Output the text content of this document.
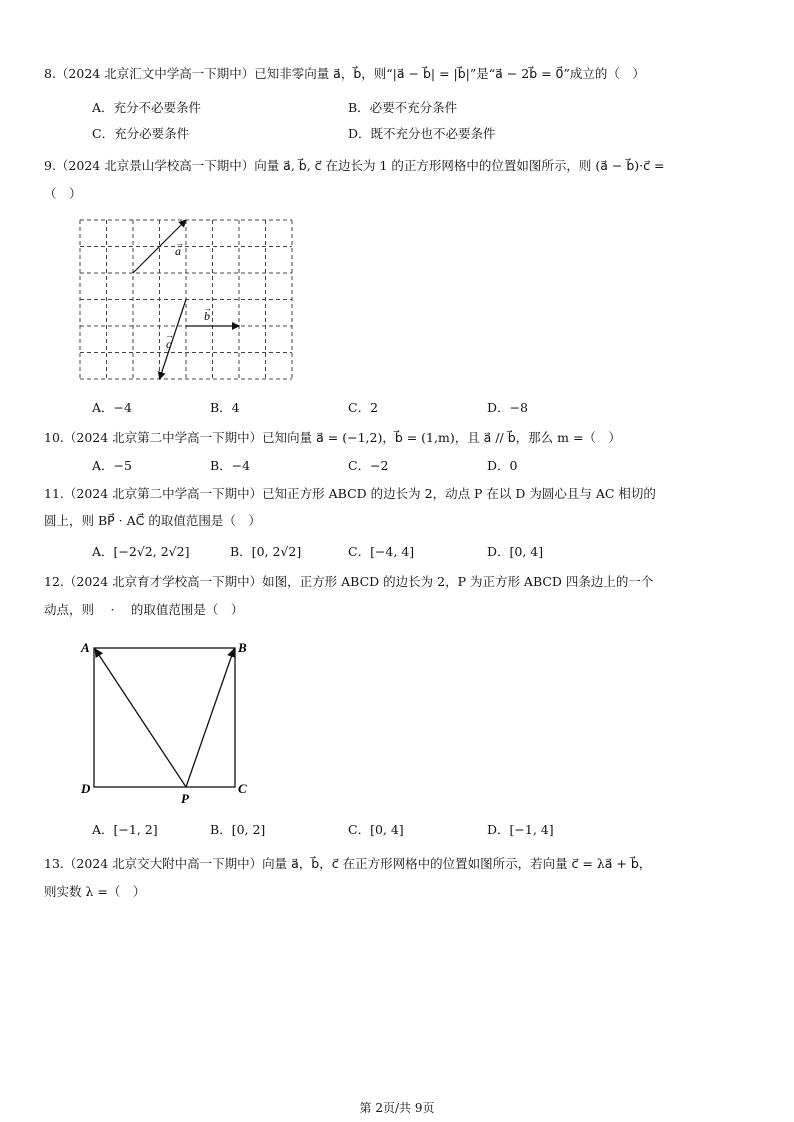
8.（2024 北京汇文中学高一下期中）已知非零向量 a⃗，b⃗，则“|a⃗ − b⃗| = |b⃗|”是“a⃗ − 2b⃗ = 0⃗”成立的（　）
A．充分不必要条件	B．必要不充分条件
C．充分必要条件	D．既不充分也不必要条件
9.（2024 北京景山学校高一下期中）向量 a⃗, b⃗, c⃗ 在边长为 1 的正方形网格中的位置如图所示，则 (a⃗ − b⃗)·c⃗ =
（　）
a
→
b
→
c
→
A．−4	B．4	C．2	D．−8
10.（2024 北京第二中学高一下期中）已知向量 a⃗ = (−1,2)，b⃗ = (1,m)，且 a⃗ // b⃗，那么 m =（　）
A．−5	B．−4	C．−2	D．0
11.（2024 北京第二中学高一下期中）已知正方形 ABCD 的边长为 2，动点 P 在以 D 为圆心且与 AC 相切的
圆上，则 BP⃗ · AC⃗ 的取值范围是（　）
A．[−2√2, 2√2]	B．[0, 2√2]	C．[−4, 4]	D．[0, 4]
12.（2024 北京育才学校高一下期中）如图，正方形 ABCD 的边长为 2，P 为正方形 ABCD 四条边上的一个
动点，则　 ·　 的取值范围是（　）
A	B
D	C
P
A．[−1, 2]	B．[0, 2]	C．[0, 4]	D．[−1, 4]
13.（2024 北京交大附中高一下期中）向量 a⃗，b⃗，c⃗ 在正方形网格中的位置如图所示，若向量 c⃗ = λa⃗ + b⃗，
则实数 λ =（　）
第 2页/共 9页
